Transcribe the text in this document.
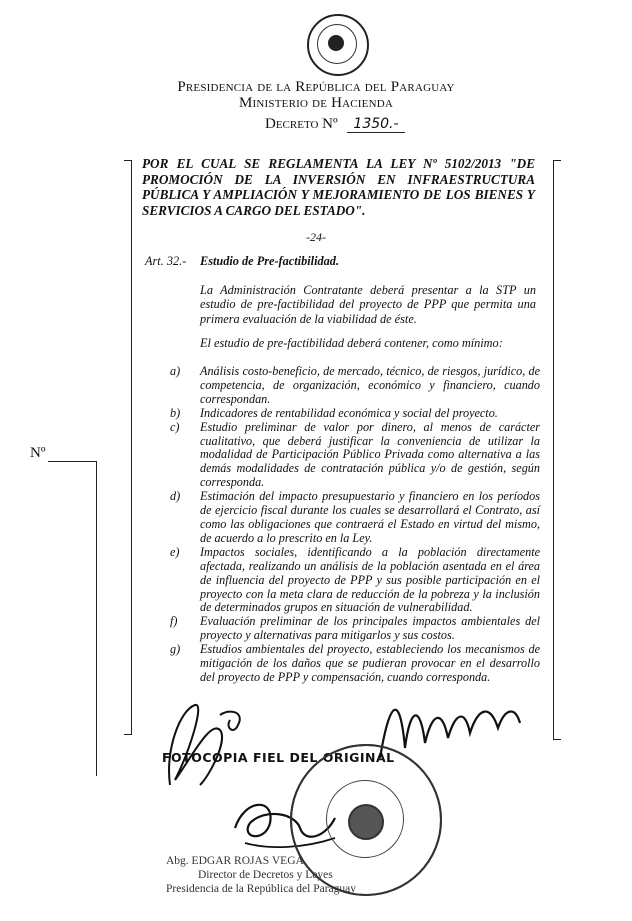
Presidencia de la República del Paraguay
Ministerio de Hacienda
Decreto Nº 1350.-
Nº
POR EL CUAL SE REGLAMENTA LA LEY Nº 5102/2013 "DE PROMOCIÓN DE LA INVERSIÓN EN INFRAESTRUCTURA PÚBLICA Y AMPLIACIÓN Y MEJORAMIENTO DE LOS BIENES Y SERVICIOS A CARGO DEL ESTADO".
-24-
Art. 32.- Estudio de Pre-factibilidad.
La Administración Contratante deberá presentar a la STP un estudio de pre-factibilidad del proyecto de PPP que permita una primera evaluación de la viabilidad de éste.
El estudio de pre-factibilidad deberá contener, como mínimo:
a)	Análisis costo-beneficio, de mercado, técnico, de riesgos, jurídico, de competencia, de organización, económico y financiero, cuando correspondan.
b)	Indicadores de rentabilidad económica y social del proyecto.
c)	Estudio preliminar de valor por dinero, al menos de carácter cualitativo, que deberá justificar la conveniencia de utilizar la modalidad de Participación Público Privada como alternativa a las demás modalidades de contratación pública y/o de gestión, según corresponda.
d)	Estimación del impacto presupuestario y financiero en los períodos de ejercicio fiscal durante los cuales se desarrollará el Contrato, así como las obligaciones que contraerá el Estado en virtud del mismo, de acuerdo a lo prescrito en la Ley.
e)	Impactos sociales, identificando a la población directamente afectada, realizando un análisis de la población asentada en el área de influencia del proyecto de PPP y sus posible participación en el proyecto con la meta clara de reducción de la pobreza y la inclusión de determinados grupos en situación de vulnerabilidad.
f)	Evaluación preliminar de los principales impactos ambientales del proyecto y alternativas para mitigarlos y sus costos.
g)	Estudios ambientales del proyecto, estableciendo los mecanismos de mitigación de los daños que se pudieran provocar en el desarrollo del proyecto de PPP y compensación, cuando corresponda.
FOTOCOPIA FIEL DEL ORIGINAL
Abg. EDGAR ROJAS VEGA
Director de Decretos y Leyes
Presidencia de la República del Paraguay
